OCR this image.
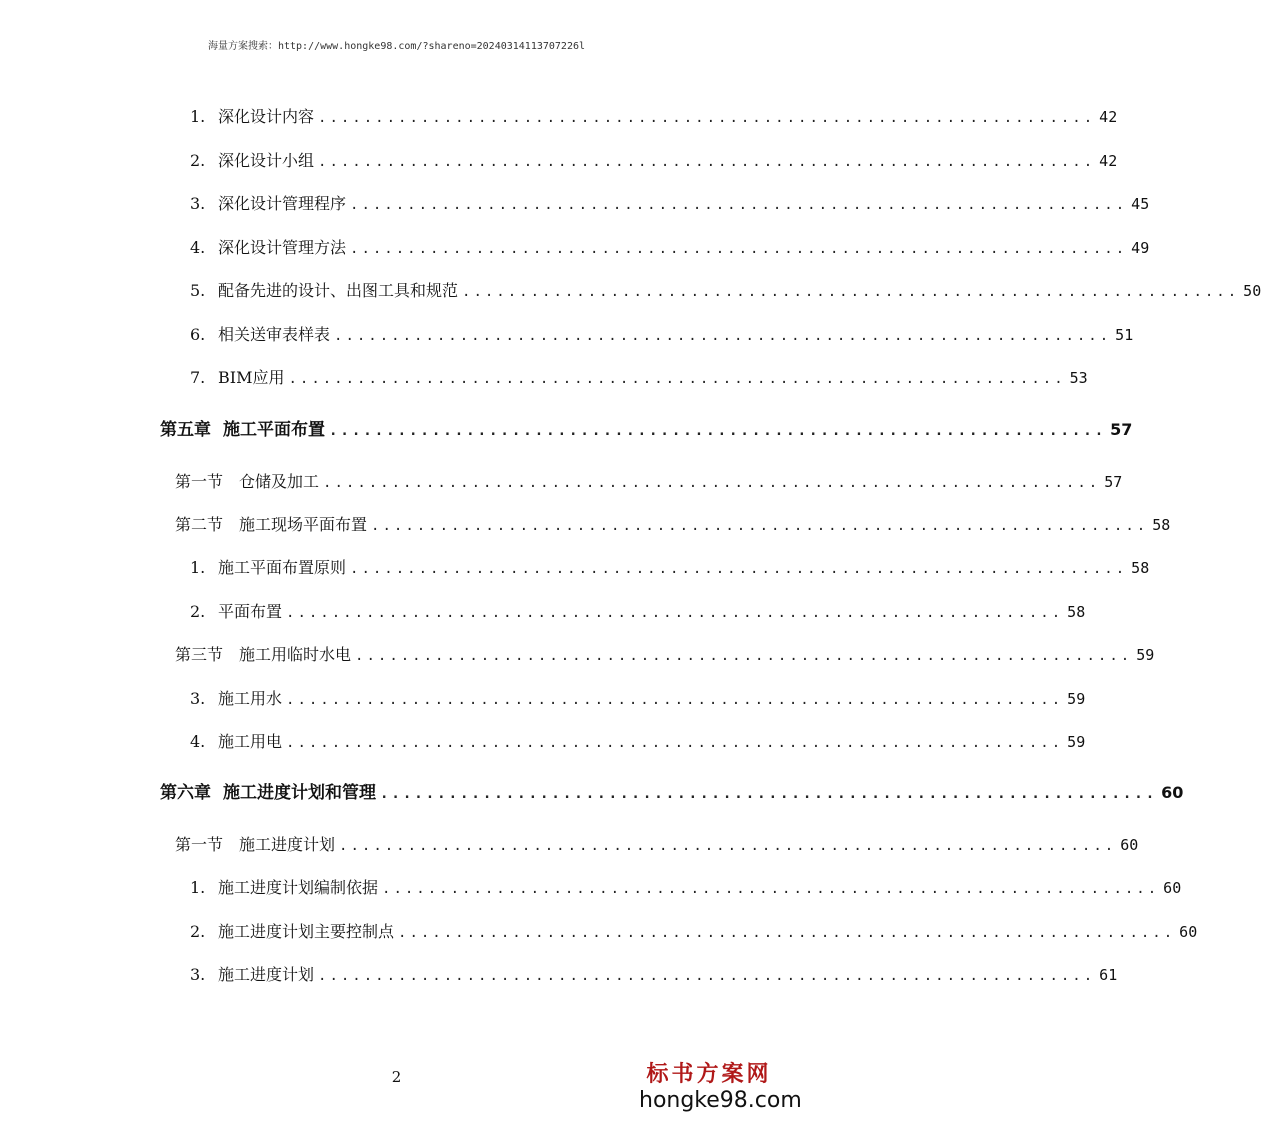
海量方案搜索：http://www.hongke98.com/?shareno=20240314113707226l
1. 深化设计内容 .................................................................... 42
2. 深化设计小组 .................................................................... 42
3. 深化设计管理程序 .................................................................... 45
4. 深化设计管理方法 .................................................................... 49
5. 配备先进的设计、出图工具和规范 .................................................................... 50
6. 相关送审表样表 .................................................................... 51
7. BIM应用 .................................................................... 53
第五章 施工平面布置 .................................................................... 57
第一节 仓储及加工 .................................................................... 57
第二节 施工现场平面布置 .................................................................... 58
1. 施工平面布置原则 .................................................................... 58
2. 平面布置 .................................................................... 58
第三节 施工用临时水电 .................................................................... 59
3. 施工用水 .................................................................... 59
4. 施工用电 .................................................................... 59
第六章 施工进度计划和管理 .................................................................... 60
第一节 施工进度计划 .................................................................... 60
1. 施工进度计划编制依据 .................................................................... 60
2. 施工进度计划主要控制点 .................................................................... 60
3. 施工进度计划 .................................................................... 61
2	标书方案网
hongke98.com
